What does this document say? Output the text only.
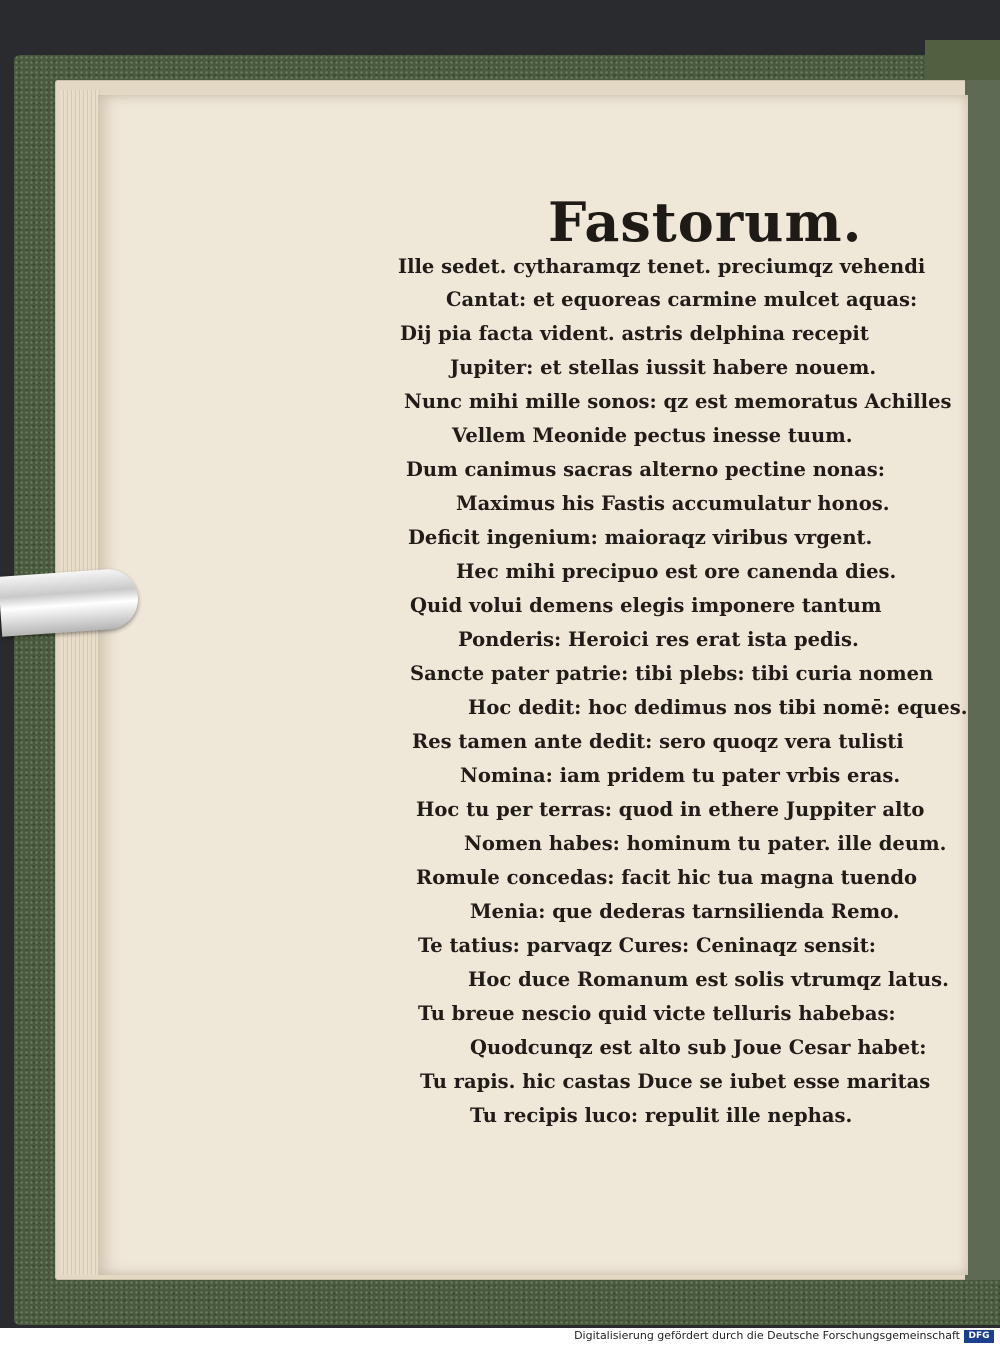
Fastorum.
Ille sedet. cytharamqz tenet. preciumqz vehendi
Cantat: et equoreas carmine mulcet aquas:
Dij pia facta vident. astris delphina recepit
Jupiter: et stellas iussit habere nouem.
Nunc mihi mille sonos: qz est memoratus Achilles
Vellem Meonide pectus inesse tuum.
Dum canimus sacras alterno pectine nonas:
Maximus his Fastis accumulatur honos.
Deficit ingenium: maioraqz viribus vrgent.
Hec mihi precipuo est ore canenda dies.
Quid volui demens elegis imponere tantum
Ponderis: Heroici res erat ista pedis.
Sancte pater patrie: tibi plebs: tibi curia nomen
Hoc dedit: hoc dedimus nos tibi nomē: eques.
Res tamen ante dedit: sero quoqz vera tulisti
Nomina: iam pridem tu pater vrbis eras.
Hoc tu per terras: quod in ethere Juppiter alto
Nomen habes: hominum tu pater. ille deum.
Romule concedas: facit hic tua magna tuendo
Menia: que dederas tarnsilienda Remo.
Te tatius: parvaqz Cures: Ceninaqz sensit:
Hoc duce Romanum est solis vtrumqz latus.
Tu breue nescio quid victe telluris habebas:
Quodcunqz est alto sub Joue Cesar habet:
Tu rapis. hic castas Duce se iubet esse maritas
Tu recipis luco: repulit ille nephas.
Digitalisierung gefördert durch die Deutsche Forschungsgemeinschaft DFG
